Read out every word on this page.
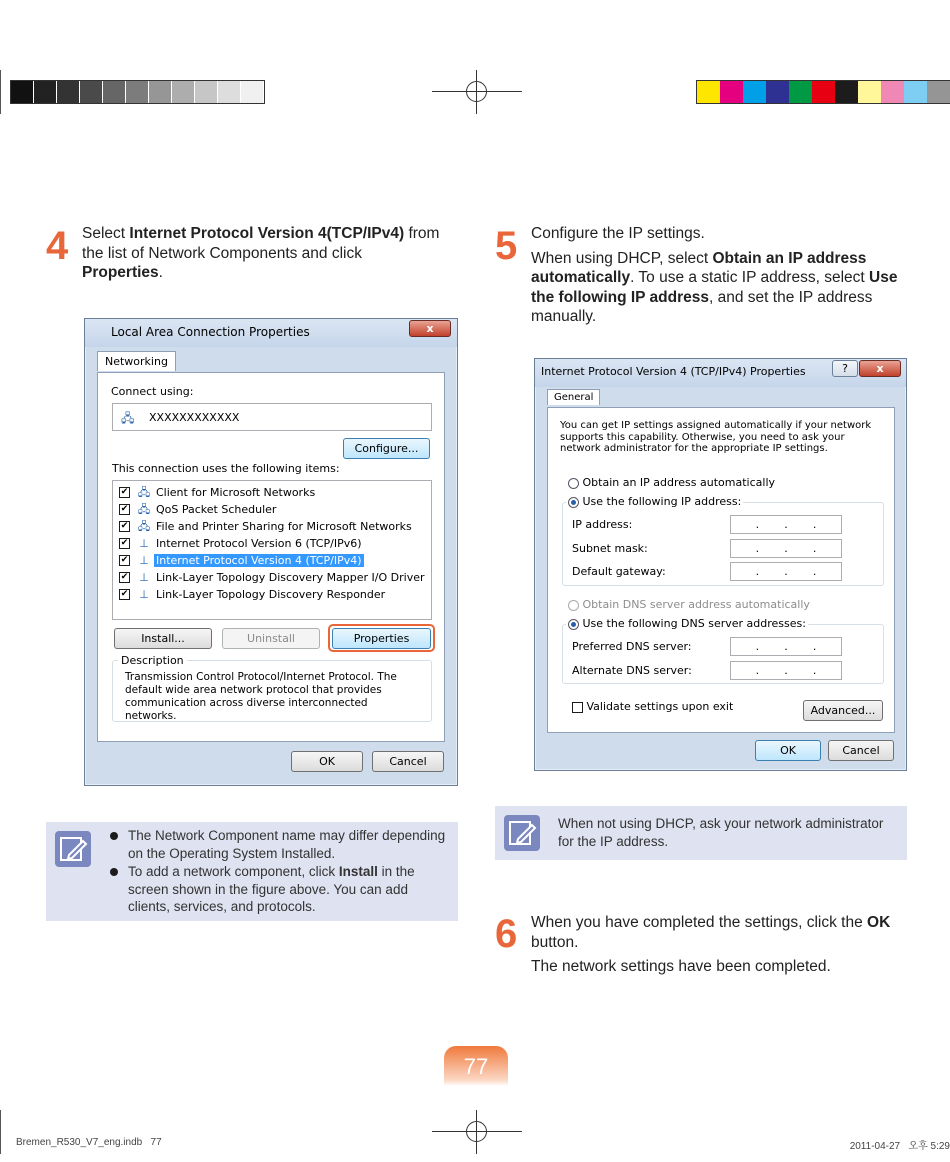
4 Select Internet Protocol Version 4(TCP/IPv4) from the list of Network Components and click Properties.
Local Area Connection Properties	x
Networking
Connect using:
🖧 XXXXXXXXXXXX
Configure...
This connection uses the following items:
✔ 🖧 Client for Microsoft Networks
✔ 🖧 QoS Packet Scheduler
✔ 🖧 File and Printer Sharing for Microsoft Networks
✔ ⊥ Internet Protocol Version 6 (TCP/IPv6)
✔ ⊥ Internet Protocol Version 4 (TCP/IPv4)
✔ ⊥ Link-Layer Topology Discovery Mapper I/O Driver
✔ ⊥ Link-Layer Topology Discovery Responder
Install...	Uninstall	Properties
Description
Transmission Control Protocol/Internet Protocol. The default wide area network protocol that provides communication across diverse interconnected networks.
OK	Cancel
5 Configure the IP settings.

When using DHCP, select Obtain an IP address automatically. To use a static IP address, select Use the following IP address, and set the IP address manually.

Internet Protocol Version 4 (TCP/IPv4) Properties	?	x
General
You can get IP settings assigned automatically if your network supports this capability. Otherwise, you need to ask your network administrator for the appropriate IP settings.
Obtain an IP address automatically
Use the following IP address:
IP address:	. . .
Subnet mask:	. . .
Default gateway:	. . .
Obtain DNS server address automatically
Use the following DNS server addresses:
Preferred DNS server:	. . .
Alternate DNS server:	. . .
Validate settings upon exit	Advanced...
OK	Cancel
The Network Component name may differ depending on the Operating System Installed.
To add a network component, click Install in the screen shown in the figure above. You can add clients, services, and protocols.
When not using DHCP, ask your network administrator for the IP address.
6 When you have completed the settings, click the OK button.

The network settings have been completed.

77
Bremen_R530_V7_eng.indb   77	2011-04-27   오후 5:29
